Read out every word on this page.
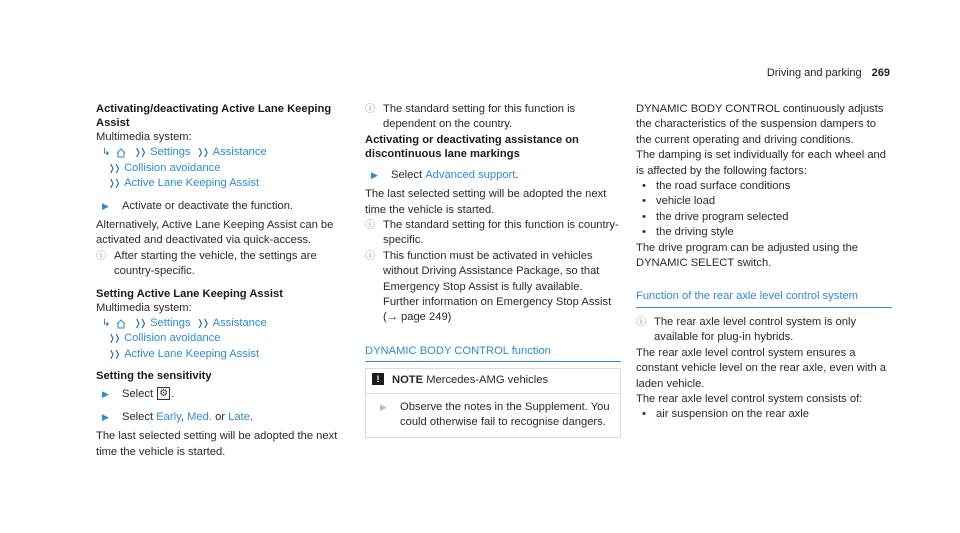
Driving and parking 269
Activating/deactivating Active Lane Keeping Assist
Multimedia system:
↳	❭❭ Settings ❭❭ Assistance
❭❭ Collision avoidance
❭❭ Active Lane Keeping Assist
▶	Activate or deactivate the function.
Alternatively, Active Lane Keeping Assist can be activated and deactivated via quick-access.
ⓘ After starting the vehicle, the settings are country-specific.
Setting Active Lane Keeping Assist
Multimedia system:
↳	❭❭ Settings ❭❭ Assistance
❭❭ Collision avoidance
❭❭ Active Lane Keeping Assist
Setting the sensitivity
▶	Select
⚙ .
▶	Select Early, Med. or Late.
The last selected setting will be adopted the next time the vehicle is started.
ⓘ The standard setting for this function is dependent on the country.
Activating or deactivating assistance on discontinuous lane markings
▶	Select Advanced support.
The last selected setting will be adopted the next time the vehicle is started.
ⓘ The standard setting for this function is country-specific.
ⓘ This function must be activated in vehicles without Driving Assistance Package, so that Emergency Stop Assist is fully available. Further information on Emergency Stop Assist (→ page 249)
DYNAMIC BODY CONTROL function
!	NOTE
Mercedes-AMG vehicles
▶	Observe the notes in the Supplement. You could otherwise fail to recognise dangers.
DYNAMIC BODY CONTROL continuously adjusts the characteristics of the suspension dampers to the current operating and driving conditions.
The damping is set individually for each wheel and is affected by the following factors:
• the road surface conditions
• vehicle load
• the drive program selected
• the driving style
The drive program can be adjusted using the DYNAMIC SELECT switch.
Function of the rear axle level control system
ⓘ The rear axle level control system is only available for plug-in hybrids.
The rear axle level control system ensures a constant vehicle level on the rear axle, even with a laden vehicle.
The rear axle level control system consists of:
• air suspension on the rear axle
